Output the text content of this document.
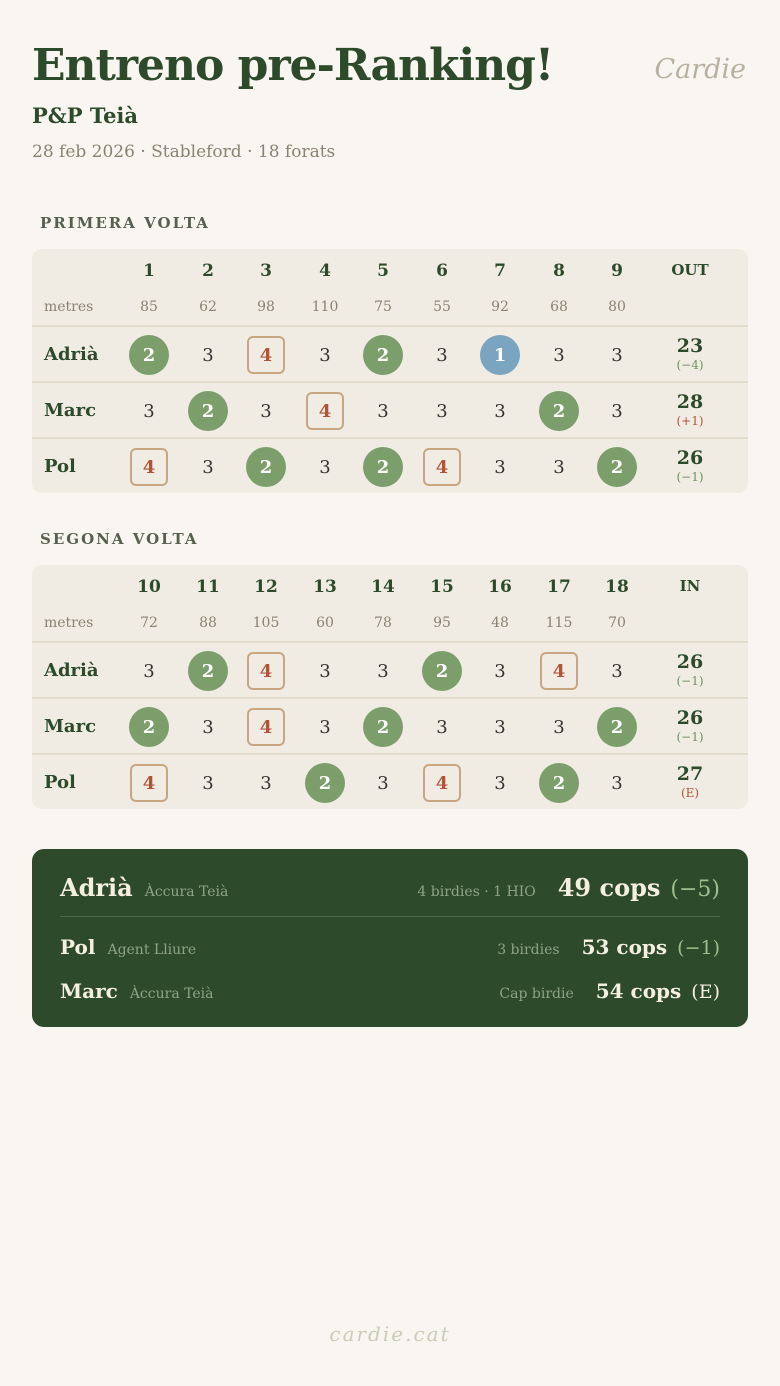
Entreno pre-Ranking!	Cardie
P&P Teià
28 feb 2026 · Stableford · 18 forats
PRIMERA VOLTA
1	2	3	4	5	6	7	8	9	OUT
metres	85	62	98	110	75	55	92	68	80
Adrià	2	3	4	3	2	3	1	3	3	23
(−4)
Marc	3	2	3	4	3	3	3	2	3	28
(+1)
Pol	4	3	2	3	2	4	3	3	2	26
(−1)
SEGONA VOLTA
10	11	12	13	14	15	16	17	18	IN
metres	72	88	105	60	78	95	48	115	70
Adrià	3	2	4	3	3	2	3	4	3	26
(−1)
Marc	2	3	4	3	2	3	3	3	2	26
(−1)
Pol	4	3	3	2	3	4	3	2	3	27
(E)
Adrià Àccura Teià	4 birdies · 1 HIO 49 cops (−5)
Pol Agent Lliure	3 birdies 53 cops (−1)
Marc Àccura Teià	Cap birdie 54 cops (E)
cardie.cat
